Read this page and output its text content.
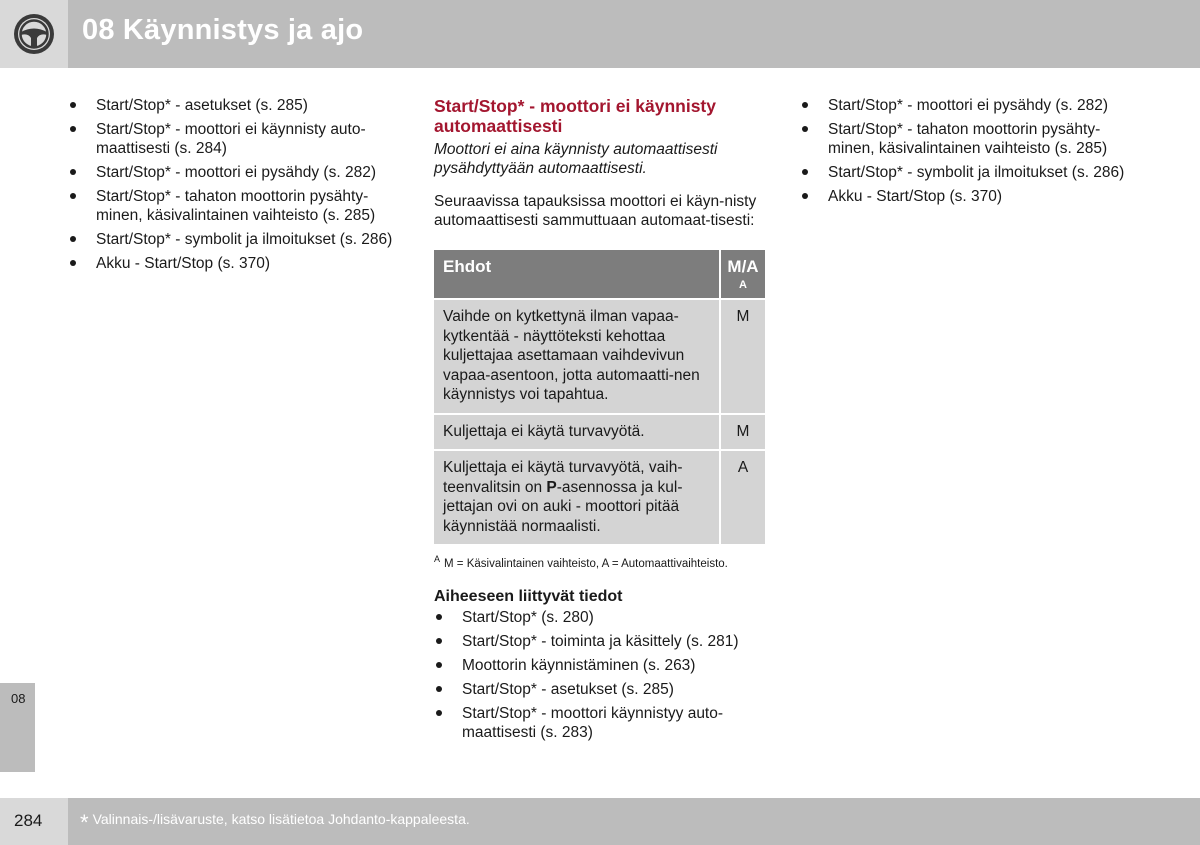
08 Käynnistys ja ajo
Start/Stop* - asetukset (s. 285)
Start/Stop* - moottori ei käynnisty auto-maattisesti (s. 284)
Start/Stop* - moottori ei pysähdy (s. 282)
Start/Stop* - tahaton moottorin pysähty-minen, käsivalintainen vaihteisto (s. 285)
Start/Stop* - symbolit ja ilmoitukset (s. 286)
Akku - Start/Stop (s. 370)
Start/Stop* - moottori ei käynnisty automaattisesti
Moottori ei aina käynnisty automaattisesti pysähdyttyään automaattisesti.
Seuraavissa tapauksissa moottori ei käyn-nisty automaattisesti sammuttuaan automaat-tisesti:
Ehdot	M/A
A

Vaihde on kytkettynä ilman vapaa-kytkentää - näyttöteksti kehottaa kuljettajaa asettamaan vaihdevivun vapaa-asentoon, jotta automaatti-nen käynnistys voi tapahtua.	M
Kuljettaja ei käytä turvavyötä.	M
Kuljettaja ei käytä turvavyötä, vaih-teenvalitsin on P-asennossa ja kul-jettajan ovi on auki - moottori pitää käynnistää normaalisti.	A
$^A$ M = Käsivalintainen vaihteisto, A = Automaattivaihteisto.
Aiheeseen liittyvät tiedot
Start/Stop* (s. 280)
Start/Stop* - toiminta ja käsittely (s. 281)
Moottorin käynnistäminen (s. 263)
Start/Stop* - asetukset (s. 285)
Start/Stop* - moottori käynnistyy auto-maattisesti (s. 283)
Start/Stop* - moottori ei pysähdy (s. 282)
Start/Stop* - tahaton moottorin pysähty-minen, käsivalintainen vaihteisto (s. 285)
Start/Stop* - symbolit ja ilmoitukset (s. 286)
Akku - Start/Stop (s. 370)
08
284 * Valinnais-/lisävaruste, katso lisätietoa Johdanto-kappaleesta.
